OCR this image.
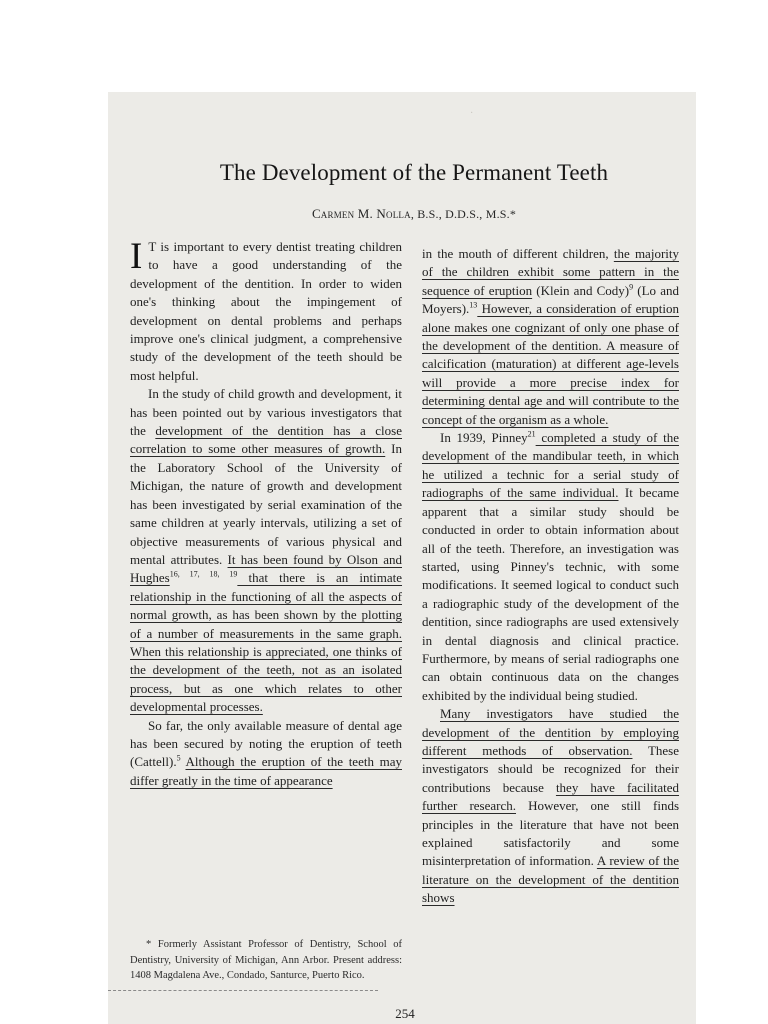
·
The Development of the Permanent Teeth
Carmen M. Nolla, B.S., D.D.S., M.S.*

I T is important to every dentist treating children to have a good understanding of the development of the dentition. In order to widen one's thinking about the impingement of development on dental problems and perhaps improve one's clinical judgment, a comprehensive study of the development of the teeth should be most helpful.

In the study of child growth and development, it has been pointed out by various investigators that the development of the dentition has a close correlation to some other measures of growth. In the Laboratory School of the University of Michigan, the nature of growth and development has been investigated by serial examination of the same children at yearly intervals, utilizing a set of objective measurements of various physical and mental attributes. It has been found by Olson and Hughes$^{16, 17, 18, 19}$ that there is an intimate relationship in the functioning of all the aspects of normal growth, as has been shown by the plotting of a number of measurements in the same graph. When this relationship is appreciated, one thinks of the development of the teeth, not as an isolated process, but as one which relates to other developmental processes.

So far, the only available measure of dental age has been secured by noting the eruption of teeth (Cattell).$^5$ Although the eruption of the teeth may differ greatly in the time of appearance

in the mouth of different children, the majority of the children exhibit some pattern in the sequence of eruption (Klein and Cody)$^9$ (Lo and Moyers).$^{13}$ However, a consideration of eruption alone makes one cognizant of only one phase of the development of the dentition. A measure of calcification (maturation) at different age-levels will provide a more precise index for determining dental age and will contribute to the concept of the organism as a whole.

In 1939, Pinney$^{21}$ completed a study of the development of the mandibular teeth, in which he utilized a technic for a serial study of radiographs of the same individual. It became apparent that a similar study should be conducted in order to obtain information about all of the teeth. Therefore, an investigation was started, using Pinney's technic, with some modifications. It seemed logical to conduct such a radiographic study of the development of the dentition, since radiographs are used extensively in dental diagnosis and clinical practice. Furthermore, by means of serial radiographs one can obtain continuous data on the changes exhibited by the individual being studied.

Many investigators have studied the development of the dentition by employing different methods of observation. These investigators should be recognized for their contributions because they have facilitated further research. However, one still finds principles in the literature that have not been explained satisfactorily and some misinterpretation of information. A review of the literature on the development of the dentition shows

* Formerly Assistant Professor of Dentistry, School of Dentistry, University of Michigan, Ann Arbor. Present address: 1408 Magdalena Ave., Condado, Santurce, Puerto Rico.
254
